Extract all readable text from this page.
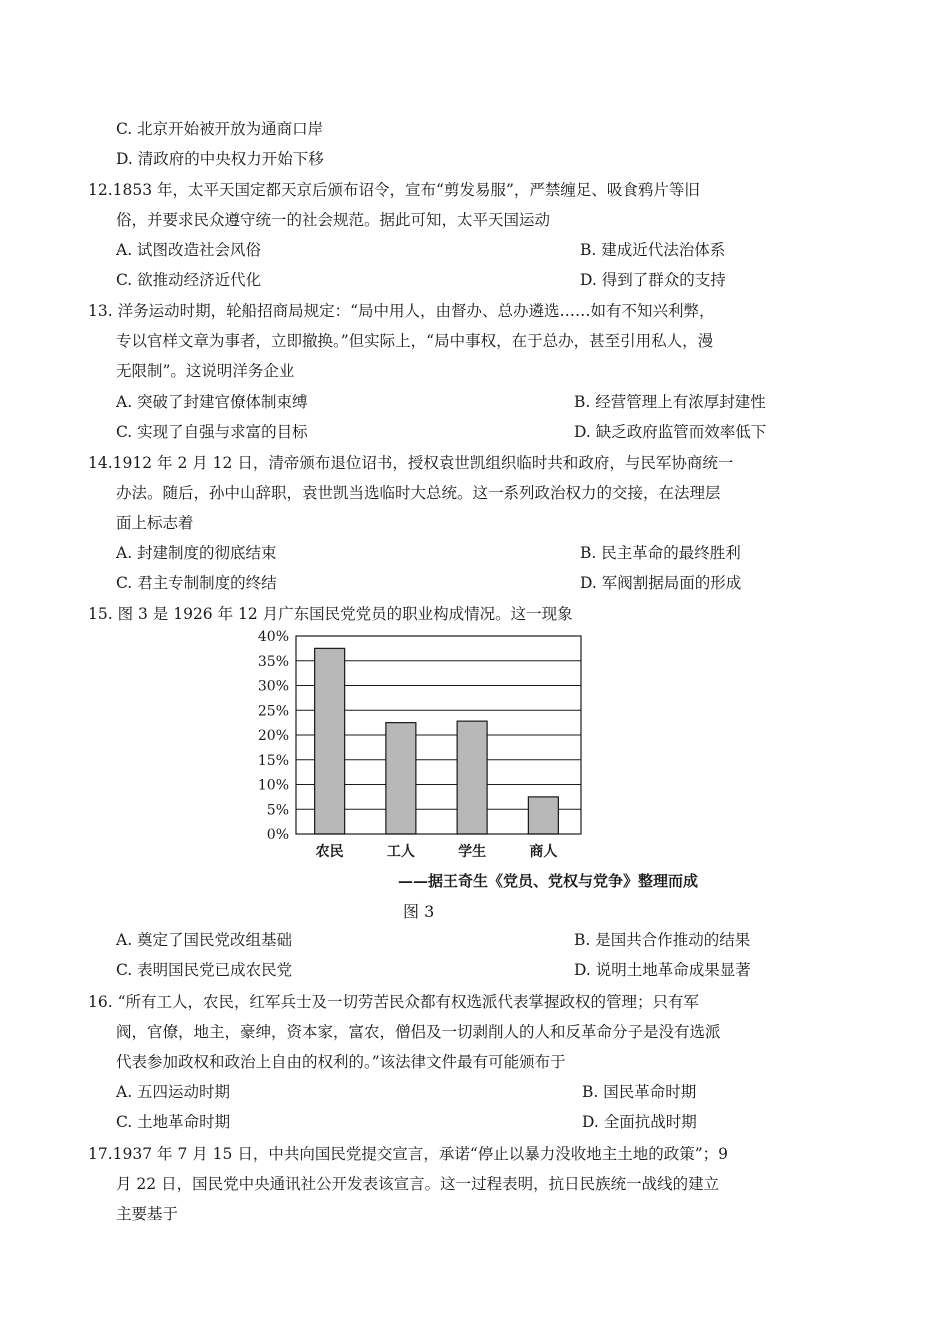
C. 北京开始被开放为通商口岸
D. 清政府的中央权力开始下移
12.1853 年，太平天国定都天京后颁布诏令，宣布“剪发易服”，严禁缠足、吸食鸦片等旧
俗，并要求民众遵守统一的社会规范。据此可知，太平天国运动
A. 试图改造社会风俗	B. 建成近代法治体系
C. 欲推动经济近代化	D. 得到了群众的支持
13. 洋务运动时期，轮船招商局规定：“局中用人，由督办、总办遴选……如有不知兴利弊，
专以官样文章为事者，立即撤换。”但实际上，“局中事权，在于总办，甚至引用私人，漫
无限制”。这说明洋务企业
A. 突破了封建官僚体制束缚	B. 经营管理上有浓厚封建性
C. 实现了自强与求富的目标	D. 缺乏政府监管而效率低下
14.1912 年 2 月 12 日，清帝颁布退位诏书，授权袁世凯组织临时共和政府，与民军协商统一
办法。随后，孙中山辞职，袁世凯当选临时大总统。这一系列政治权力的交接，在法理层
面上标志着
A. 封建制度的彻底结束	B. 民主革命的最终胜利
C. 君主专制制度的终结	D. 军阀割据局面的形成
15. 图 3 是 1926 年 12 月广东国民党党员的职业构成情况。这一现象
0%
5%
10%
15%
20%
25%
30%
35%
40%
农民	工人	学生	商人
——据王奇生《党员、党权与党争》整理而成
图 3
A. 奠定了国民党改组基础	B. 是国共合作推动的结果
C. 表明国民党已成农民党	D. 说明土地革命成果显著
16. “所有工人，农民，红军兵士及一切劳苦民众都有权选派代表掌握政权的管理；只有军
阀，官僚，地主，豪绅，资本家，富农，僧侣及一切剥削人的人和反革命分子是没有选派
代表参加政权和政治上自由的权利的。”该法律文件最有可能颁布于
A. 五四运动时期	B. 国民革命时期
C. 土地革命时期	D. 全面抗战时期
17.1937 年 7 月 15 日，中共向国民党提交宣言，承诺“停止以暴力没收地主土地的政策”；9
月 22 日，国民党中央通讯社公开发表该宣言。这一过程表明，抗日民族统一战线的建立
主要基于
